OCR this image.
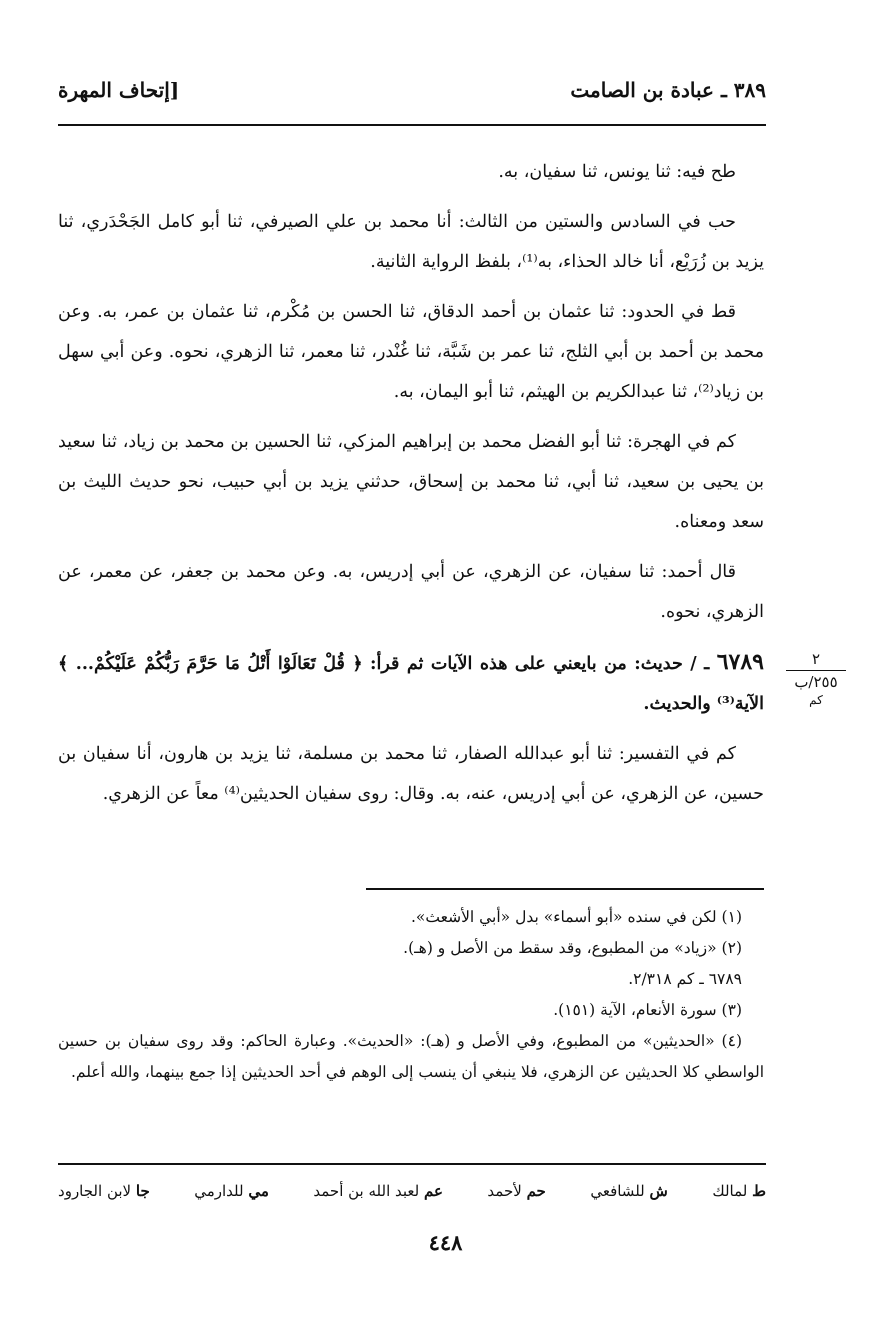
٣٨٩ ـ عبادة بن الصامت
[إتحاف المهرة

طح فيه: ثنا يونس، ثنا سفيان، به.

حب في السادس والستين من الثالث: أنا محمد بن علي الصيرفي، ثنا أبو كامل الجَحْدَري، ثنا يزيد بن زُرَيْع، أنا خالد الحذاء، به⁽¹⁾، بلفظ الرواية الثانية.

قط في الحدود: ثنا عثمان بن أحمد الدقاق، ثنا الحسن بن مُكْرم، ثنا عثمان بن عمر، به. وعن محمد بن أحمد بن أبي الثلج، ثنا عمر بن شَبَّة، ثنا غُنْدر، ثنا معمر، ثنا الزهري، نحوه. وعن أبي سهل بن زياد⁽²⁾، ثنا عبدالكريم بن الهيثم، ثنا أبو اليمان، به.

كم في الهجرة: ثنا أبو الفضل محمد بن إبراهيم المزكي، ثنا الحسين بن محمد بن زياد، ثنا سعيد بن يحيى بن سعيد، ثنا أبي، ثنا محمد بن إسحاق، حدثني يزيد بن أبي حبيب، نحو حديث الليث بن سعد ومعناه.

قال أحمد: ثنا سفيان، عن الزهري، عن أبي إدريس، به. وعن محمد بن جعفر، عن معمر، عن الزهري، نحوه.

٦٧٨٩ ـ / حديث: من بايعني على هذه الآيات ثم قرأ: ﴿ قُلْ تَعَالَوْا أَتْلُ مَا حَرَّمَ رَبُّكُمْ عَلَيْكُمْ... ﴾ الآية⁽³⁾ والحديث.

كم في التفسير: ثنا أبو عبدالله الصفار، ثنا محمد بن مسلمة، ثنا يزيد بن هارون، أنا سفيان بن حسين، عن الزهري، عن أبي إدريس، عنه، به. وقال: روى سفيان الحديثين⁽⁴⁾ معاً عن الزهري.

٢
٢٥٥/ب
كم

(١) لكن في سنده «أبو أسماء» بدل «أبي الأشعث».

(٢) «زياد» من المطبوع، وقد سقط من الأصل و (هـ).

٦٧٨٩ ـ كم ٢/٣١٨.

(٣) سورة الأنعام، الآية (١٥١).

(٤) «الحديثين» من المطبوع، وفي الأصل و (هـ): «الحديث». وعبارة الحاكم: وقد روى سفيان بن حسين الواسطي كلا الحديثين عن الزهري، فلا ينبغي أن ينسب إلى الوهم في أحد الحديثين إذا جمع بينهما، والله أعلم.

ط لمالك
ش للشافعي
حم لأحمد
عم لعبد الله بن أحمد
مي للدارمي
جا لابن الجارود
٤٤٨
